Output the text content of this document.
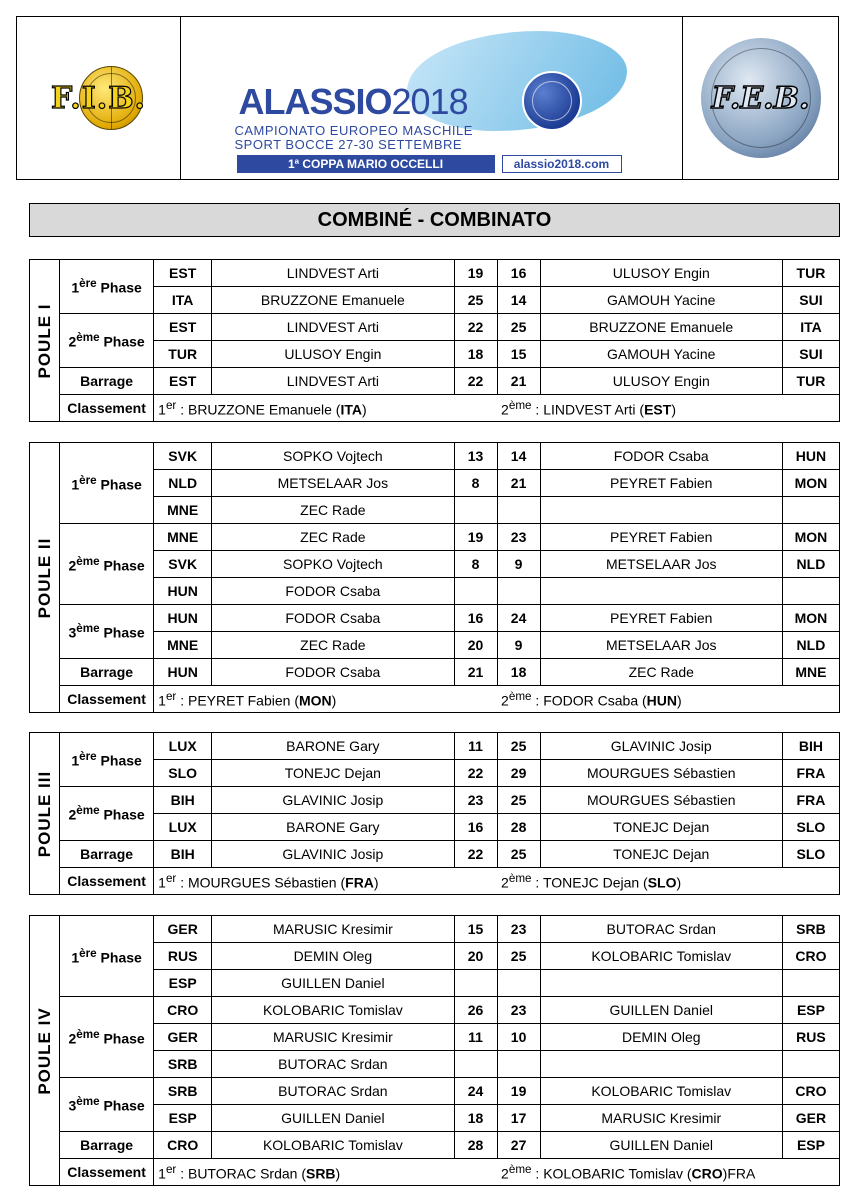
F.I.B.	ALASSIO2018
CAMPIONATO EUROPEO MASCHILE
SPORT BOCCE 27-30 SETTEMBRE
1ª COPPA MARIO OCCELLI	alassio2018.com
F.E.B.
COMBINÉ - COMBINATO
POULE I	1ère Phase	EST	LINDVEST Arti	19	16	ULUSOY Engin	TUR
		ITA	BRUZZONE Emanuele	25	14	GAMOUH Yacine	SUI
	2ème Phase	EST	LINDVEST Arti	22	25	BRUZZONE Emanuele	ITA
		TUR	ULUSOY Engin	18	15	GAMOUH Yacine	SUI
	Barrage	EST	LINDVEST Arti	22	21	ULUSOY Engin	TUR
	Classement	1er : BRUZZONE Emanuele (ITA)			2ème : LINDVEST Arti (EST)		
POULE II	1ère Phase	SVK	SOPKO Vojtech	13	14	FODOR Csaba	HUN
		NLD	METSELAAR Jos	8	21	PEYRET Fabien	MON
		MNE	ZEC Rade				
	2ème Phase	MNE	ZEC Rade	19	23	PEYRET Fabien	MON
		SVK	SOPKO Vojtech	8	9	METSELAAR Jos	NLD
		HUN	FODOR Csaba				
	3ème Phase	HUN	FODOR Csaba	16	24	PEYRET Fabien	MON
		MNE	ZEC Rade	20	9	METSELAAR Jos	NLD
	Barrage	HUN	FODOR Csaba	21	18	ZEC Rade	MNE
	Classement	1er : PEYRET Fabien (MON)			2ème : FODOR Csaba (HUN)		
POULE III	1ère Phase	LUX	BARONE Gary	11	25	GLAVINIC Josip	BIH
		SLO	TONEJC Dejan	22	29	MOURGUES Sébastien	FRA
	2ème Phase	BIH	GLAVINIC Josip	23	25	MOURGUES Sébastien	FRA
		LUX	BARONE Gary	16	28	TONEJC Dejan	SLO
	Barrage	BIH	GLAVINIC Josip	22	25	TONEJC Dejan	SLO
	Classement	1er : MOURGUES Sébastien (FRA)			2ème : TONEJC Dejan (SLO)		
POULE IV	1ère Phase	GER	MARUSIC Kresimir	15	23	BUTORAC Srdan	SRB
		RUS	DEMIN Oleg	20	25	KOLOBARIC Tomislav	CRO
		ESP	GUILLEN Daniel				
	2ème Phase	CRO	KOLOBARIC Tomislav	26	23	GUILLEN Daniel	ESP
		GER	MARUSIC Kresimir	11	10	DEMIN Oleg	RUS
		SRB	BUTORAC Srdan				
	3ème Phase	SRB	BUTORAC Srdan	24	19	KOLOBARIC Tomislav	CRO
		ESP	GUILLEN Daniel	18	17	MARUSIC Kresimir	GER
	Barrage	CRO	KOLOBARIC Tomislav	28	27	GUILLEN Daniel	ESP
	Classement	1er : BUTORAC Srdan (SRB)			2ème : KOLOBARIC Tomislav (CRO)FRA		
